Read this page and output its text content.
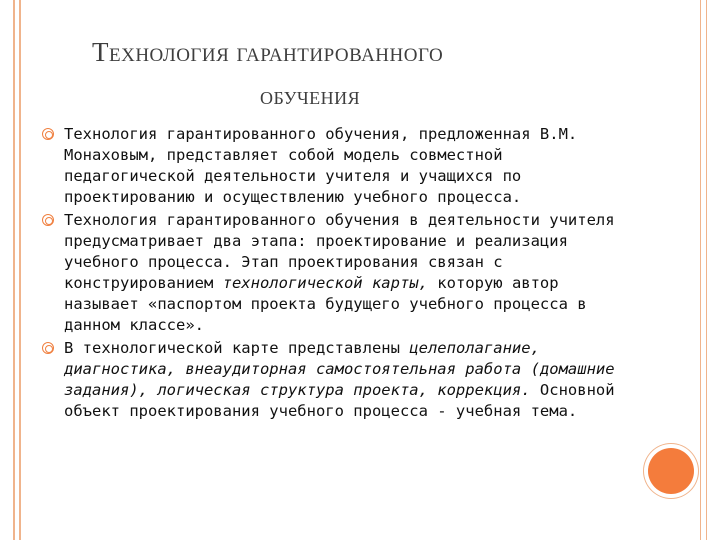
Технология гарантированного
обучения
Технология гарантированного обучения, предложенная В.М. Монаховым, представляет собой модель совместной педагогической деятельности учителя и учащихся по проектированию и осуществлению учебного процесса.
Технология гарантированного обучения в деятельности учителя предусматривает два этапа: проектирование и реализация учебного процесса. Этап проектирования связан с конструированием технологической карты, которую автор называет «паспортом проекта будущего учебного процесса в данном классе».
В технологической карте представлены целеполагание, диагностика, внеаудиторная самостоятельная работа (домашние задания), логическая структура проекта, коррекция. Основной объект проектирования учебного процесса - учебная тема.
